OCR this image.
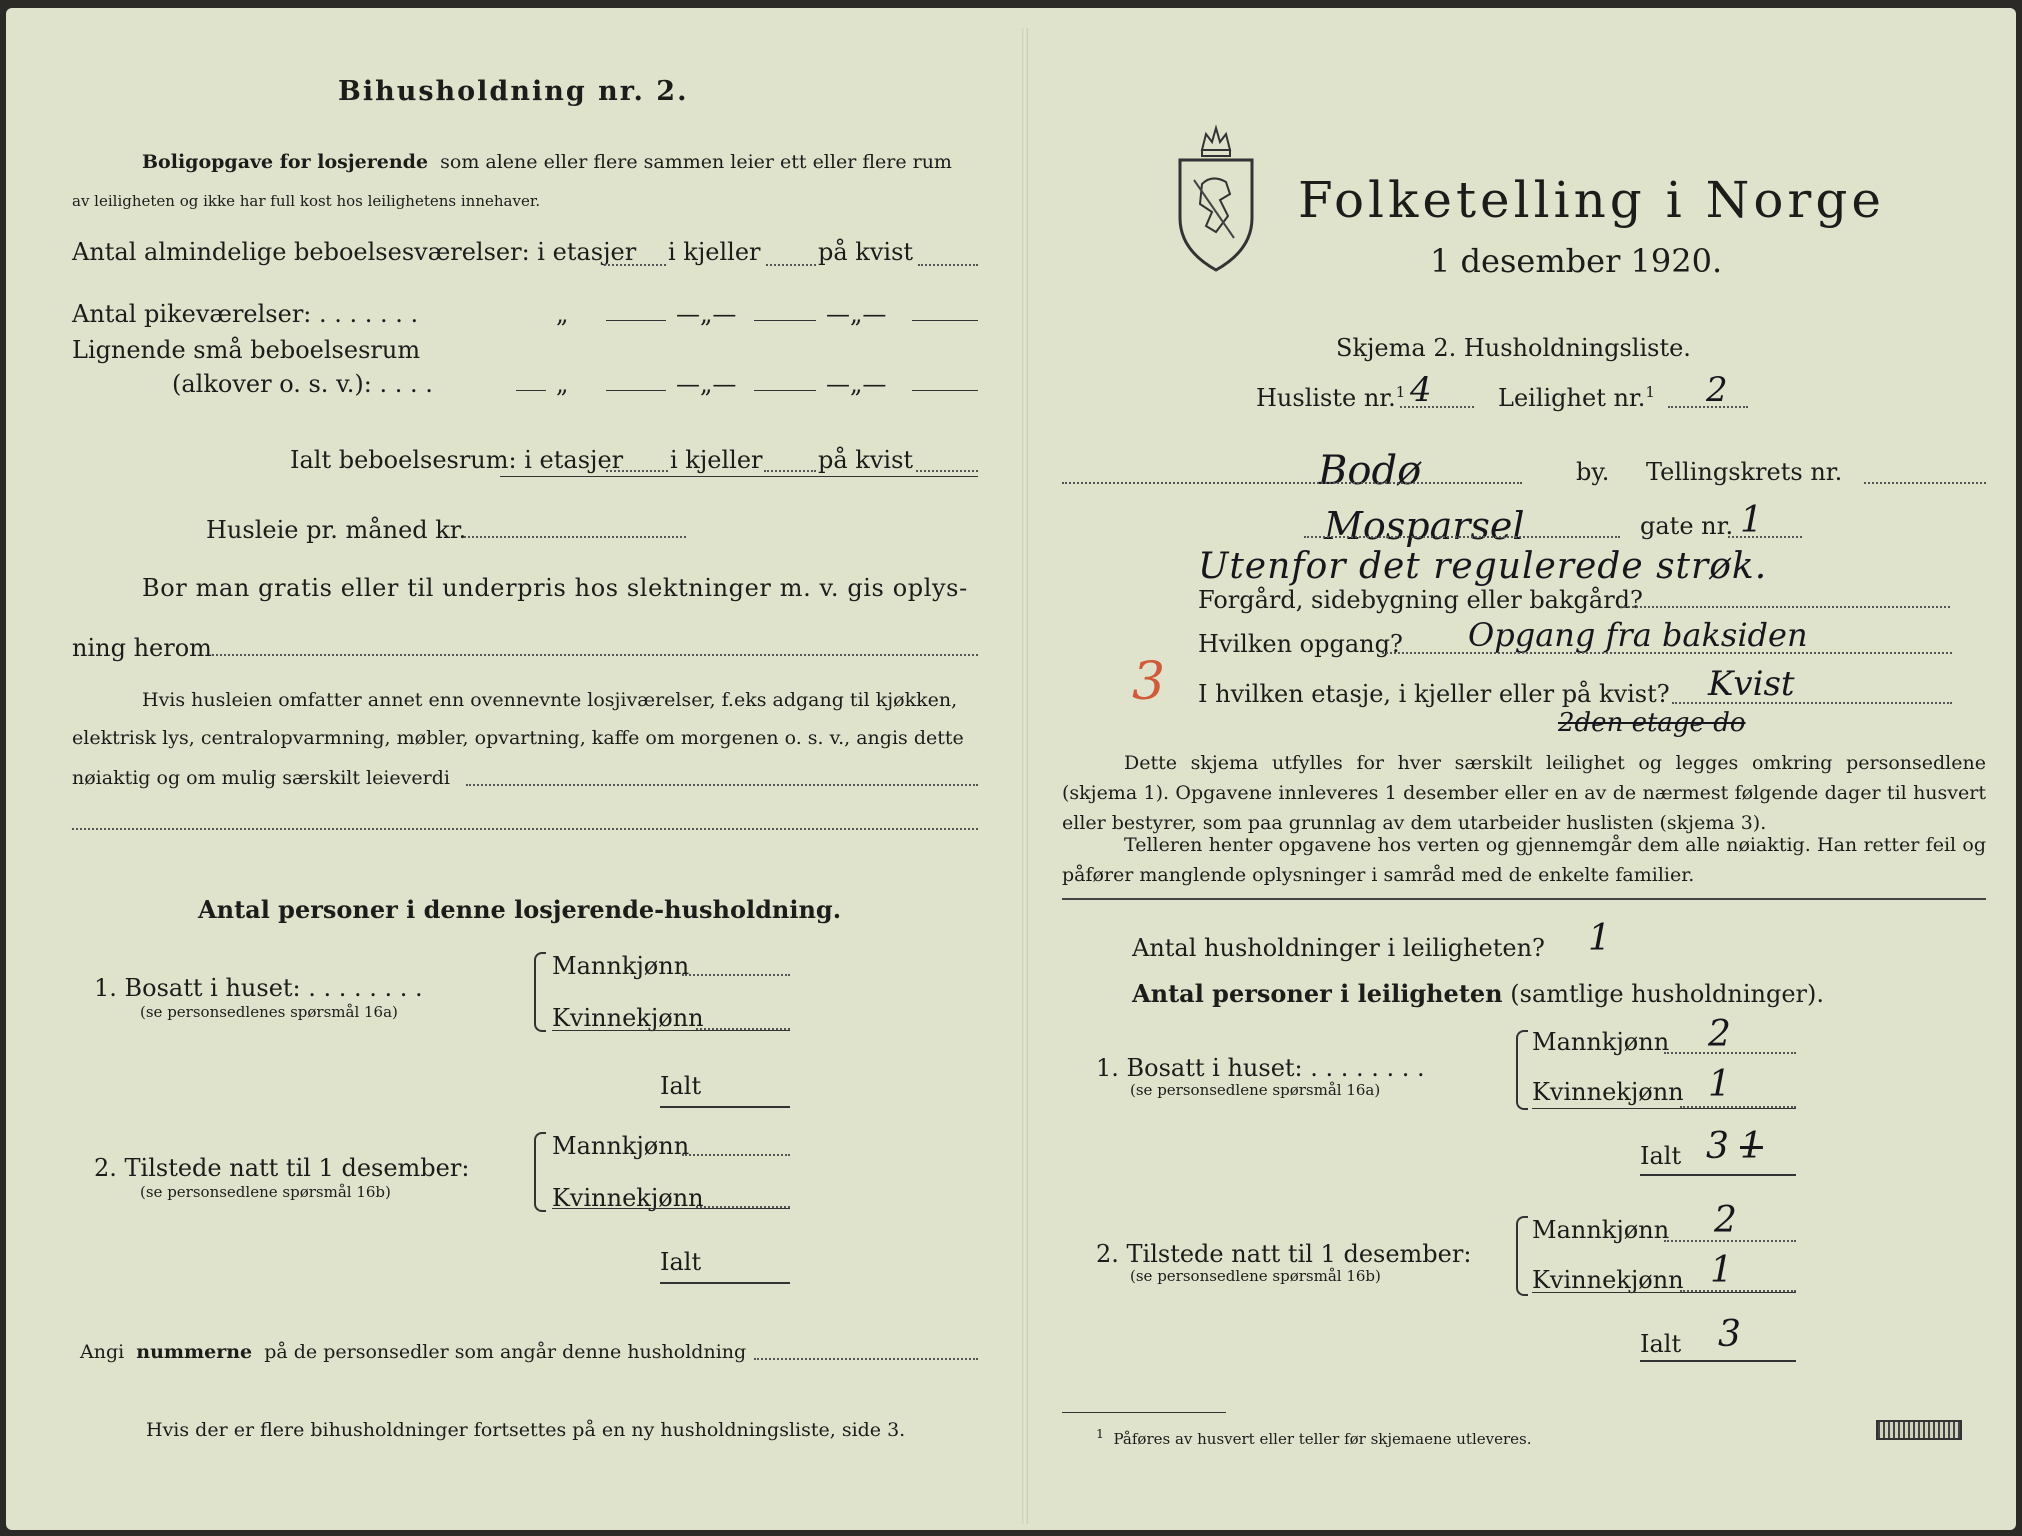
Bihusholdning nr. 2.
Boligopgave for losjerende som alene eller flere sammen leier ett eller flere rum
av leiligheten og ikke har full kost hos leilighetens innehaver.
Antal almindelige beboelsesværelser: i etasjer i kjeller på kvist
Antal pikeværelser: . . . . . . .	„	—„—	—„—
Lignende små beboelsesrum
(alkover o. s. v.): . . . .	„	—„—	—„—
Ialt beboelsesrum: i etasjer i kjeller på kvist
Husleie pr. måned kr.
Bor man gratis eller til underpris hos slektninger m. v. gis oplys-
ning herom
Hvis husleien omfatter annet enn ovennevnte losjiværelser, f.eks adgang til kjøkken,
elektrisk lys, centralopvarmning, møbler, opvartning, kaffe om morgenen o. s. v., angis dette
nøiaktig og om mulig særskilt leieverdi
Antal personer i denne losjerende-husholdning.
1. Bosatt i huset: . . . . . . . .
(se personsedlenes spørsmål 16a)
Mannkjønn
Kvinnekjønn
Ialt
2. Tilstede natt til 1 desember:
(se personsedlene spørsmål 16b)
Mannkjønn
Kvinnekjønn
Ialt
Angi nummerne på de personsedler som angår denne husholdning
Hvis der er flere bihusholdninger fortsettes på en ny husholdningsliste, side 3.
Folketelling i Norge
1 desember 1920.
Skjema 2. Husholdningsliste.
Husliste nr.$^1$ 4	Leilighet nr.$^1$ 2
Bodø	by. Tellingskrets nr.
Mosparsel	gate nr. 1
Utenfor det regulerede strøk.
Forgård, sidebygning eller bakgård?
Hvilken opgang? Opgang fra baksiden
3 I hvilken etasje, i kjeller eller på kvist? Kvist
2den etage do
Dette skjema utfylles for hver særskilt leilighet og legges omkring personsedlene (skjema 1). Opgavene innleveres 1 desember eller en av de nærmest følgende dager til husvert eller bestyrer, som paa grunnlag av dem utarbeider huslisten (skjema 3).
Telleren henter opgavene hos verten og gjennemgår dem alle nøiaktig. Han retter feil og påfører manglende oplysninger i samråd med de enkelte familier.
Antal husholdninger i leiligheten? 1
Antal personer i leiligheten (samtlige husholdninger).
1. Bosatt i huset: . . . . . . . .
(se personsedlene spørsmål 16a)
Mannkjønn 2
Kvinnekjønn 1
Ialt 3 1
2. Tilstede natt til 1 desember:
(se personsedlene spørsmål 16b)
Mannkjønn 2
Kvinnekjønn 1
Ialt 3
$^1$ Påføres av husvert eller teller før skjemaene utleveres.
